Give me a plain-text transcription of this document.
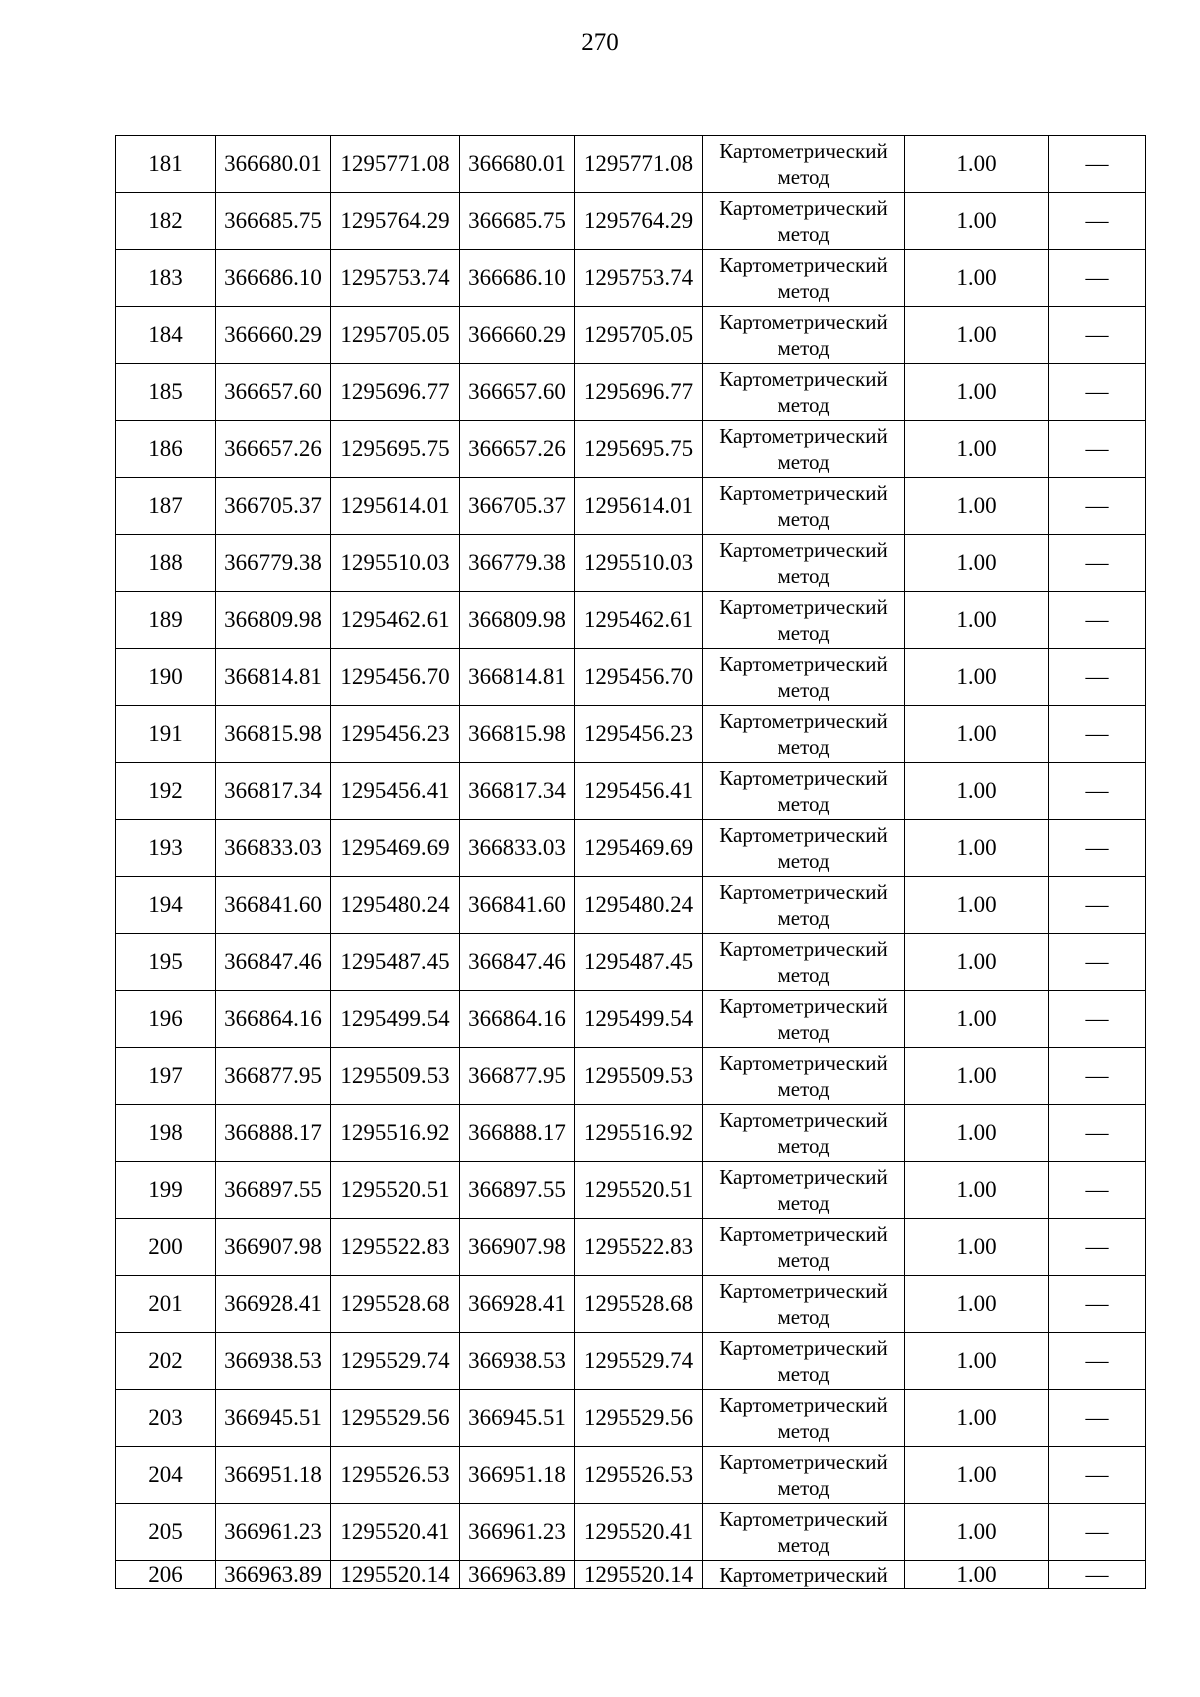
270
181	366680.01	1295771.08	366680.01	1295771.08	Картометрический метод	1.00	—
182	366685.75	1295764.29	366685.75	1295764.29	Картометрический метод	1.00	—
183	366686.10	1295753.74	366686.10	1295753.74	Картометрический метод	1.00	—
184	366660.29	1295705.05	366660.29	1295705.05	Картометрический метод	1.00	—
185	366657.60	1295696.77	366657.60	1295696.77	Картометрический метод	1.00	—
186	366657.26	1295695.75	366657.26	1295695.75	Картометрический метод	1.00	—
187	366705.37	1295614.01	366705.37	1295614.01	Картометрический метод	1.00	—
188	366779.38	1295510.03	366779.38	1295510.03	Картометрический метод	1.00	—
189	366809.98	1295462.61	366809.98	1295462.61	Картометрический метод	1.00	—
190	366814.81	1295456.70	366814.81	1295456.70	Картометрический метод	1.00	—
191	366815.98	1295456.23	366815.98	1295456.23	Картометрический метод	1.00	—
192	366817.34	1295456.41	366817.34	1295456.41	Картометрический метод	1.00	—
193	366833.03	1295469.69	366833.03	1295469.69	Картометрический метод	1.00	—
194	366841.60	1295480.24	366841.60	1295480.24	Картометрический метод	1.00	—
195	366847.46	1295487.45	366847.46	1295487.45	Картометрический метод	1.00	—
196	366864.16	1295499.54	366864.16	1295499.54	Картометрический метод	1.00	—
197	366877.95	1295509.53	366877.95	1295509.53	Картометрический метод	1.00	—
198	366888.17	1295516.92	366888.17	1295516.92	Картометрический метод	1.00	—
199	366897.55	1295520.51	366897.55	1295520.51	Картометрический метод	1.00	—
200	366907.98	1295522.83	366907.98	1295522.83	Картометрический метод	1.00	—
201	366928.41	1295528.68	366928.41	1295528.68	Картометрический метод	1.00	—
202	366938.53	1295529.74	366938.53	1295529.74	Картометрический метод	1.00	—
203	366945.51	1295529.56	366945.51	1295529.56	Картометрический метод	1.00	—
204	366951.18	1295526.53	366951.18	1295526.53	Картометрический метод	1.00	—
205	366961.23	1295520.41	366961.23	1295520.41	Картометрический метод	1.00	—
206	366963.89	1295520.14	366963.89	1295520.14	Картометрический	1.00	—
